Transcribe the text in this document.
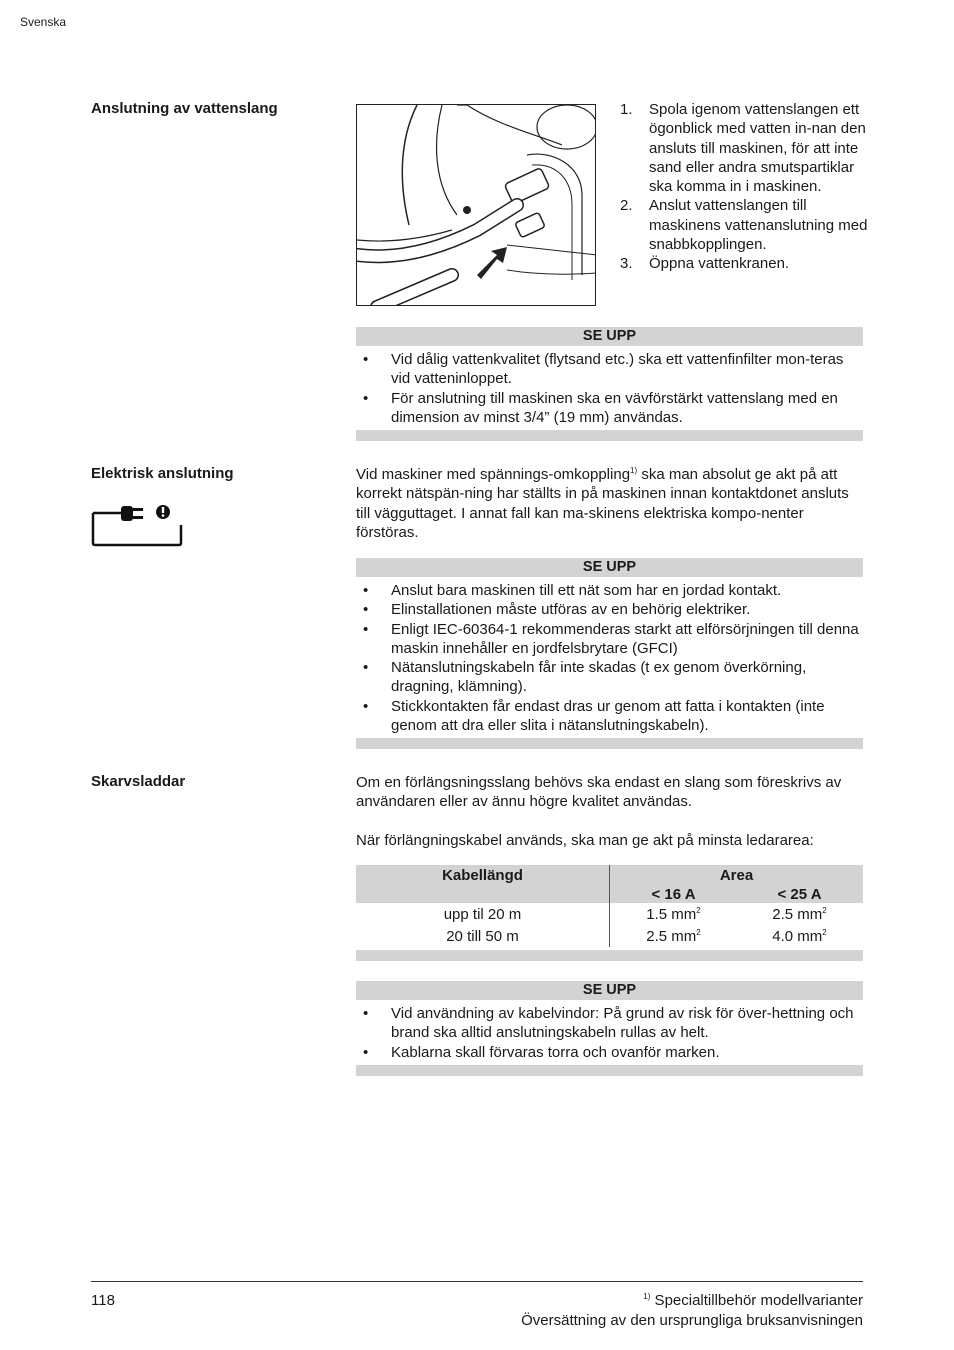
Svenska
Anslutning av vattenslang	1. Spola igenom vattenslangen ett ögonblick med vatten in-nan den ansluts till maskinen, för att inte sand eller andra smutspartiklar ska komma in i maskinen.
2. Anslut vattenslangen till maskinens vattenanslutning med snabbkopplingen.
3. Öppna vattenkranen.
SE UPP
• Vid dålig vattenkvalitet (flytsand etc.) ska ett vattenfinfilter mon-teras vid vatteninloppet.
• För anslutning till maskinen ska en vävförstärkt vattenslang med en dimension av minst 3/4” (19 mm) användas.
Elektrisk anslutning	Vid maskiner med spännings-omkoppling$^{1)}$ ska man absolut ge akt på att korrekt nätspän-ning har ställts in på maskinen innan kontaktdonet ansluts till vägguttaget. I annat fall kan ma-skinens elektriska kompo-nenter förstöras.

SE UPP
• Anslut bara maskinen till ett nät som har en jordad kontakt.
• Elinstallationen måste utföras av en behörig elektriker.
• Enligt IEC-60364-1 rekommenderas starkt att elförsörjningen till denna maskin innehåller en jordfelsbrytare (GFCI)
• Nätanslutningskabeln får inte skadas (t ex genom överkörning, dragning, klämning).
• Stickkontakten får endast dras ur genom att fatta i kontakten (inte genom att dra eller slita i nätanslutningskabeln).
Skarvsladdar	Om en förlängsningsslang behövs ska endast en slang som föreskrivs av användaren eller av ännu högre kvalitet användas.

När förlängningskabel används, ska man ge akt på minsta ledararea:

Kabellängd	Area
< 16 A	< 25 A
upp til 20 m	1.5 $mm^2$	2.5 $mm^2$
20 till 50 m	2.5 $mm^2$	4.0 $mm^2$
SE UPP
• Vid användning av kabelvindor: På grund av risk för över-hettning och brand ska alltid anslutningskabeln rullas av helt.
• Kablarna skall förvaras torra och ovanför marken.
118	$^{1)}$ Specialtillbehör modellvarianter
Översättning av den ursprungliga bruksanvisningen
